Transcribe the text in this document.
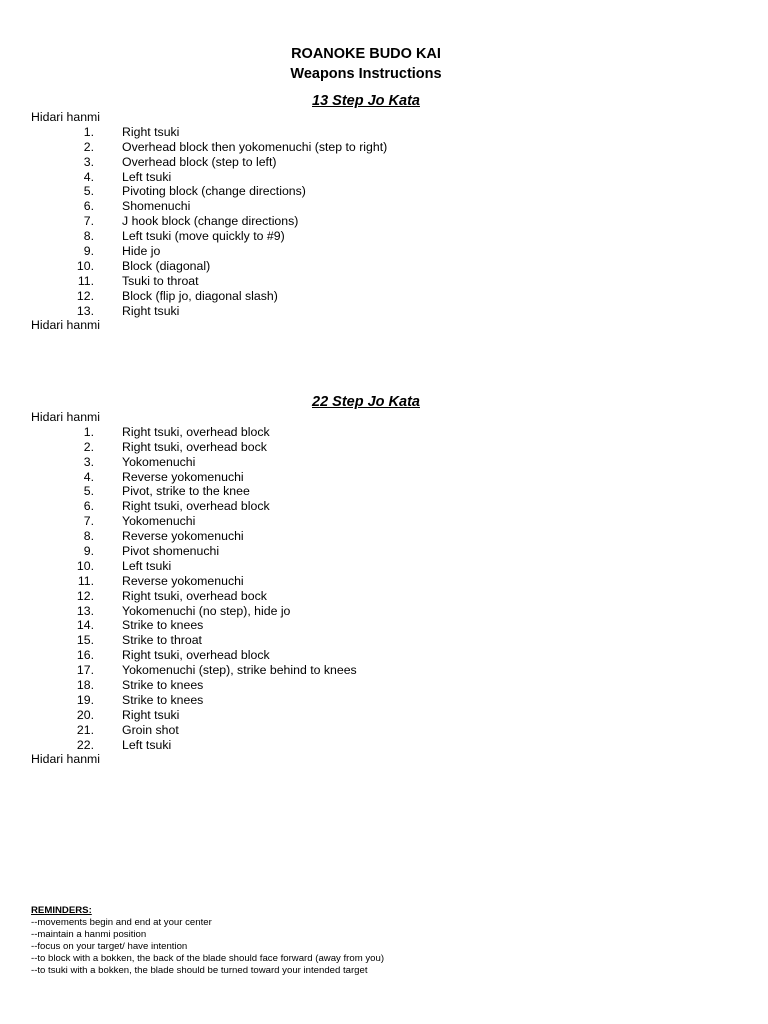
ROANOKE BUDO KAI
Weapons Instructions
13 Step Jo Kata
Hidari hanmi
1. Right tsuki
2. Overhead block then yokomenuchi (step to right)
3. Overhead block (step to left)
4. Left tsuki
5. Pivoting block (change directions)
6. Shomenuchi
7. J hook block (change directions)
8. Left tsuki (move quickly to #9)
9. Hide jo
10. Block (diagonal)
11. Tsuki to throat
12. Block (flip jo, diagonal slash)
13. Right tsuki
Hidari hanmi
22 Step Jo Kata
Hidari hanmi
1. Right tsuki, overhead block
2. Right tsuki, overhead bock
3. Yokomenuchi
4. Reverse yokomenuchi
5. Pivot, strike to the knee
6. Right tsuki, overhead block
7. Yokomenuchi
8. Reverse yokomenuchi
9. Pivot shomenuchi
10. Left tsuki
11. Reverse yokomenuchi
12. Right tsuki, overhead bock
13. Yokomenuchi (no step), hide jo
14. Strike to knees
15. Strike to throat
16. Right tsuki, overhead block
17. Yokomenuchi (step), strike behind to knees
18. Strike to knees
19. Strike to knees
20. Right tsuki
21. Groin shot
22. Left tsuki
Hidari hanmi
REMINDERS:
--movements begin and end at your center
--maintain a hanmi position
--focus on your target/ have intention
--to block with a bokken, the back of the blade should face forward (away from you)
--to tsuki with a bokken, the blade should be turned toward your intended target
